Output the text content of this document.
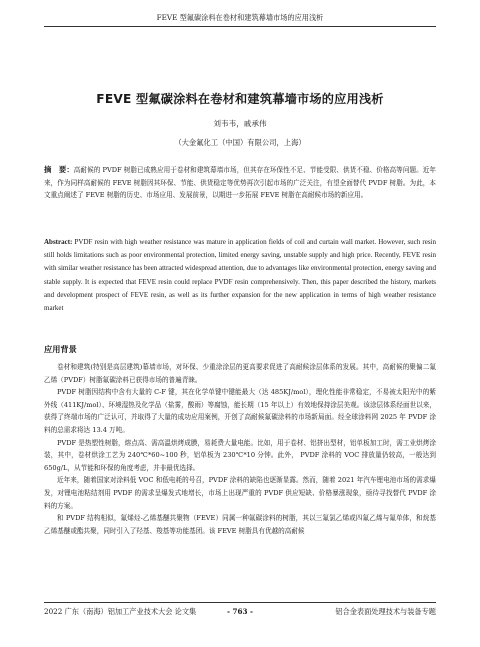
FEVE 型氟碳涂料在卷材和建筑幕墙市场的应用浅析
FEVE 型氟碳涂料在卷材和建筑幕墙市场的应用浅析
刘韦韦，戚承伟
（大金氟化工（中国）有限公司，上海）
摘　要：高耐候的 PVDF 树脂已成熟应用于卷材和建筑幕墙市场，但其存在环保性不足、节能受限、供货不稳、价格高等问题。近年来，作为同样高耐候的 FEVE 树脂因其环保、节能、供货稳定等优势再次引起市场的广泛关注，有望全面替代 PVDF 树脂。为此，本文重点阐述了 FEVE 树脂的历史、市场应用、发展前景，以期进一步拓展 FEVE 树脂在高耐候市场的新应用。
Abstract: PVDF resin with high weather resistance was mature in application fields of coil and curtain wall market. However, such resin still holds limitations such as poor environmental protection, limited energy saving, unstable supply and high price. Recently, FEVE resin with similar weather resistance has been attracted widespread attention, due to advantages like environmental protection, energy saving and stable supply. It is expected that FEVE resin could replace PVDF resin comprehensively. Then, this paper described the history, markets and development prospect of FEVE resin, as well as its further expansion for the new application in terms of high weather resistance market
应用背景

卷材和建筑(特别是高层建筑)幕墙市场，对环保、少重涂涂层的更高要求促进了高耐候涂层体系的发展。其中，高耐候的聚偏二氟乙烯（PVDF）树脂氟碳涂料已获得市场的普遍青睐。

PVDF 树脂因结构中含有大量的 C-F 键，其在化学单键中键能最大（达 485KJ/mol），理化性能非常稳定，不易被太阳光中的紫外线（411KJ/mol）、环境湿热及化学品（盐雾，酸雨）等腐蚀，能长期（15 年以上）有效地保持涂层美观。该涂层体系经面世以来，获得了终端市场的广泛认可，并取得了大量的成功应用案例，开创了高耐候氟碳涂料的市场新局面。经全球涂料网 2025 年 PVDF 涂料的总需求将达 13.4 万吨。

PVDF 是热塑性树脂，熔点高、需高温烘烤成膜，易耗费大量电能。比如，用于卷材、铝挤出型材，铝单板加工时，需工业烘烤涂装，其中，卷材烘涂工艺为 240℃*60~100 秒，铝单板为 230℃*10 分钟。此外， PVDF 涂料的 VOC 排放量仍较高，一般达到 650g/L，从节能和环保的角度考虑，并非最优选择。

近年来，随着国家对涂料低 VOC 和低电耗的号召，PVDF 涂料的缺陷也逐渐显露。然而，随着 2021 年汽车锂电池市场的需求爆发，对锂电池粘结剂用 PVDF 的需求呈爆发式地增长，市场上出现严重的 PVDF 供应短缺、价格暴涨现象，亟待寻找替代 PVDF 涂料的方案。

和 PVDF 结构相似，氟烯烃-乙烯基醚共聚物（FEVE）同属一种氟碳涂料的树脂，其以三氟氯乙烯或四氟乙烯与氟单体，和烷基乙烯基醚或酯共聚，同时引入了羟基、羧基等功能基团。该 FEVE 树脂具有优越的高耐候

2022 广东（南海）铝加工产业技术大会 论文集	- 763 -	铝合金表面处理技术与装备专题
